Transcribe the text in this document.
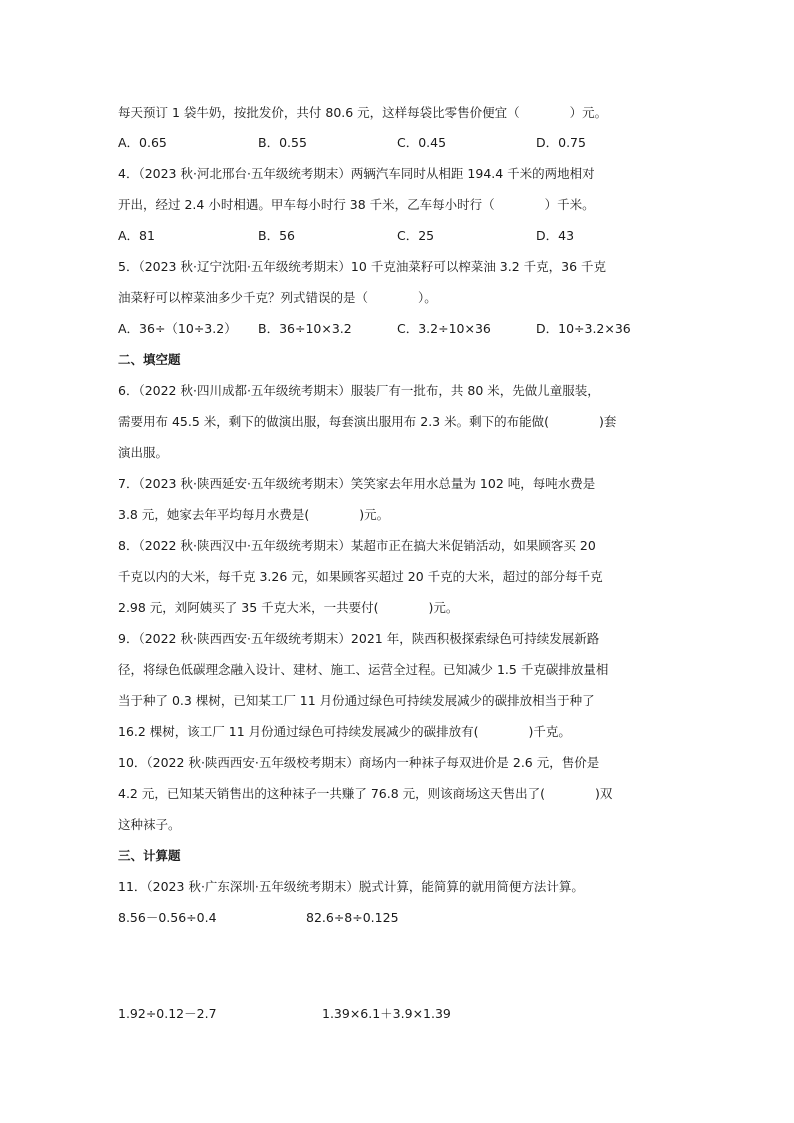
每天预订 1 袋牛奶，按批发价，共付 80.6 元，这样每袋比零售价便宜（　　　　）元。
A．0.65	B．0.55	C．0.45	D．0.75
4．（2023 秋·河北邢台·五年级统考期末）两辆汽车同时从相距 194.4 千米的两地相对
开出，经过 2.4 小时相遇。甲车每小时行 38 千米，乙车每小时行（　　　　）千米。
A．81	B．56	C．25	D．43
5．（2023 秋·辽宁沈阳·五年级统考期末）10 千克油菜籽可以榨菜油 3.2 千克，36 千克
油菜籽可以榨菜油多少千克？列式错误的是（　　　　）。
A．36÷（10÷3.2） B．36÷10×3.2	C．3.2÷10×36	D．10÷3.2×36
二、填空题
6．（2022 秋·四川成都·五年级统考期末）服装厂有一批布，共 80 米，先做儿童服装，
需要用布 45.5 米，剩下的做演出服，每套演出服用布 2.3 米。剩下的布能做(　　　　)套
演出服。
7．（2023 秋·陕西延安·五年级统考期末）笑笑家去年用水总量为 102 吨，每吨水费是
3.8 元，她家去年平均每月水费是(　　　　)元。
8．（2022 秋·陕西汉中·五年级统考期末）某超市正在搞大米促销活动，如果顾客买 20
千克以内的大米，每千克 3.26 元，如果顾客买超过 20 千克的大米，超过的部分每千克
2.98 元，刘阿姨买了 35 千克大米，一共要付(　　　　)元。
9．（2022 秋·陕西西安·五年级统考期末）2021 年，陕西积极探索绿色可持续发展新路
径，将绿色低碳理念融入设计、建材、施工、运营全过程。已知减少 1.5 千克碳排放量相
当于种了 0.3 棵树，已知某工厂 11 月份通过绿色可持续发展减少的碳排放相当于种了
16.2 棵树，该工厂 11 月份通过绿色可持续发展减少的碳排放有(　　　　)千克。
10．（2022 秋·陕西西安·五年级校考期末）商场内一种袜子每双进价是 2.6 元，售价是
4.2 元，已知某天销售出的这种袜子一共赚了 76.8 元，则该商场这天售出了(　　　　)双
这种袜子。
三、计算题
11．（2023 秋·广东深圳·五年级统考期末）脱式计算，能简算的就用简便方法计算。
8.56－0.56÷0.4	82.6÷8÷0.125
1.92÷0.12－2.7	1.39×6.1＋3.9×1.39
